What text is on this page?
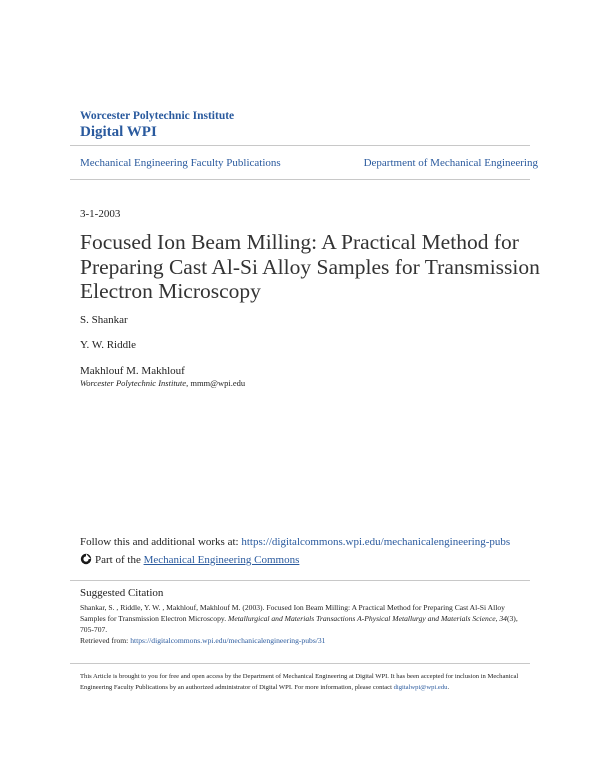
Worcester Polytechnic Institute
Digital WPI
Mechanical Engineering Faculty Publications	Department of Mechanical Engineering
3-1-2003
Focused Ion Beam Milling: A Practical Method for Preparing Cast Al-Si Alloy Samples for Transmission Electron Microscopy
S. Shankar
Y. W. Riddle
Makhlouf M. Makhlouf
Worcester Polytechnic Institute, mmm@wpi.edu
Follow this and additional works at: https://digitalcommons.wpi.edu/mechanicalengineering-pubs
Part of the Mechanical Engineering Commons
Suggested Citation
Shankar, S. , Riddle, Y. W. , Makhlouf, Makhlouf M. (2003). Focused Ion Beam Milling: A Practical Method for Preparing Cast Al-Si Alloy Samples for Transmission Electron Microscopy. Metallurgical and Materials Transactions A-Physical Metallurgy and Materials Science, 34(3), 705-707.
Retrieved from: https://digitalcommons.wpi.edu/mechanicalengineering-pubs/31
This Article is brought to you for free and open access by the Department of Mechanical Engineering at Digital WPI. It has been accepted for inclusion in Mechanical Engineering Faculty Publications by an authorized administrator of Digital WPI. For more information, please contact digitalwpi@wpi.edu.
